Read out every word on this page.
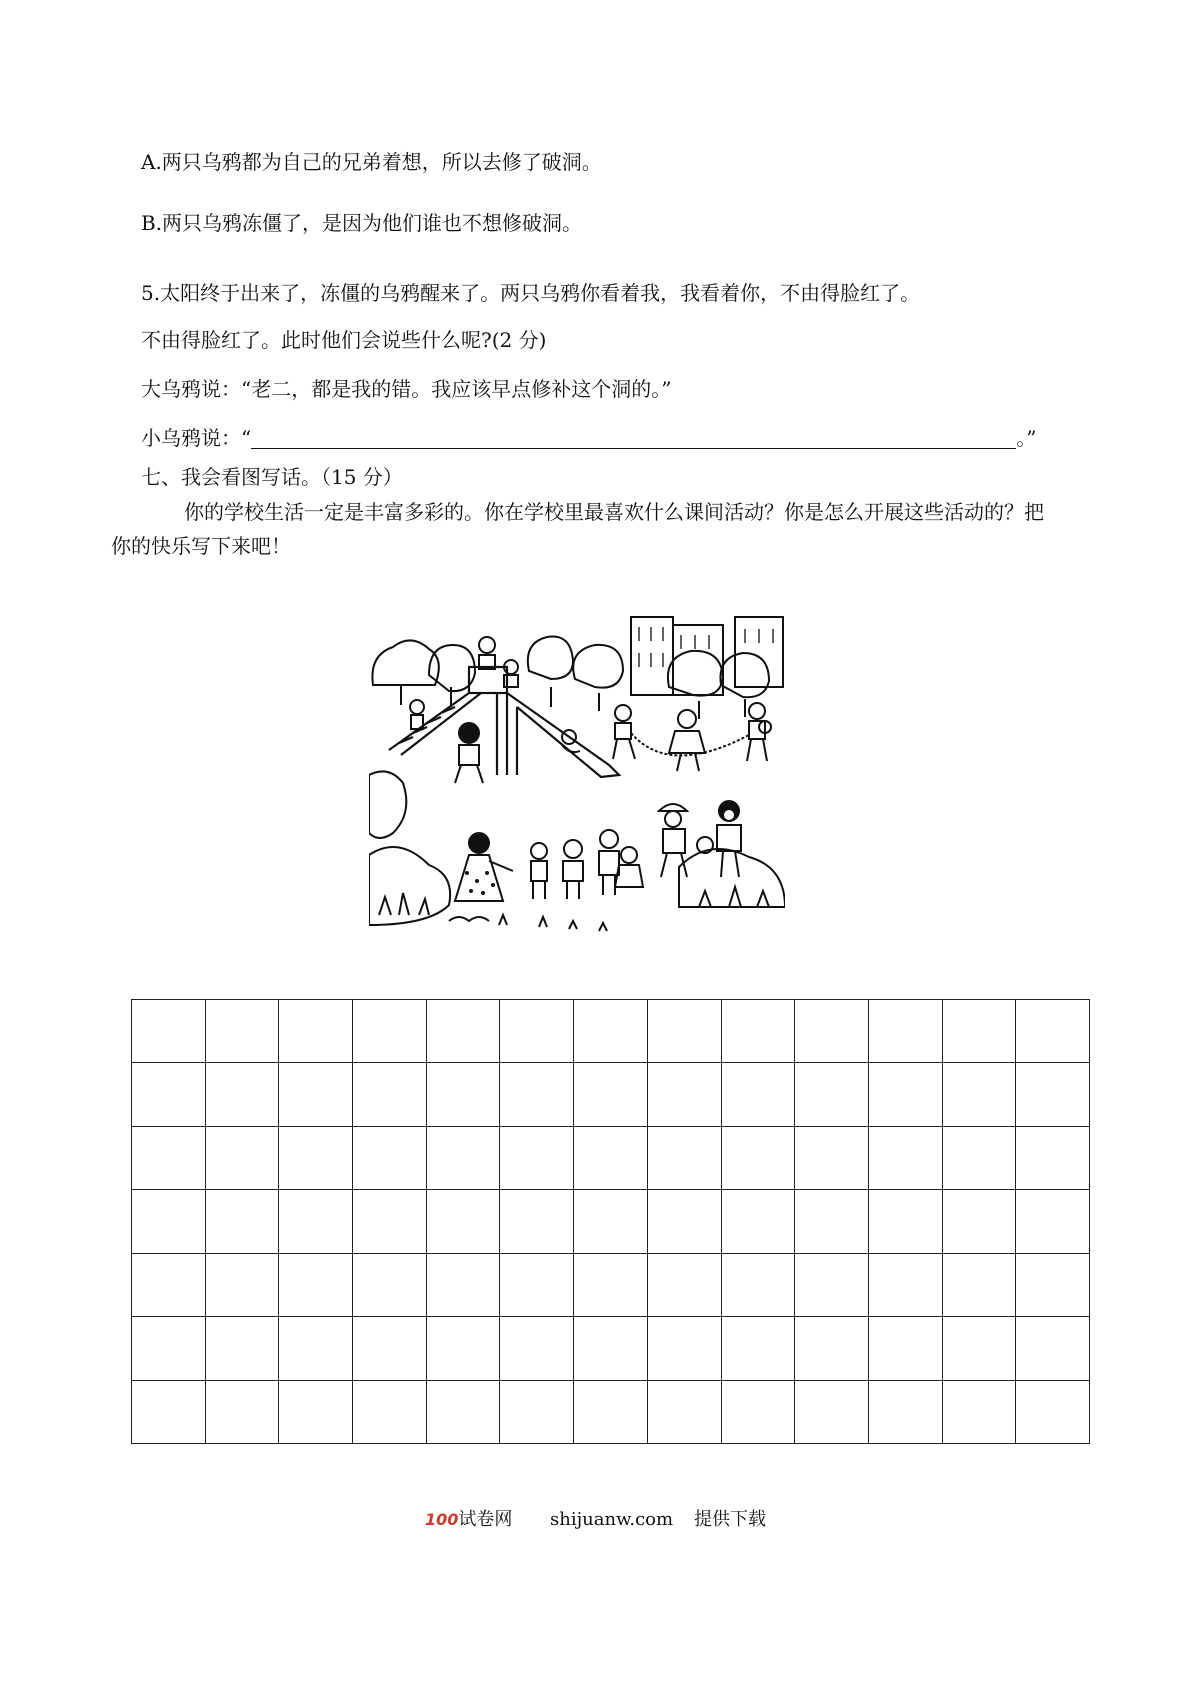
A.两只乌鸦都为自己的兄弟着想，所以去修了破洞。
B.两只乌鸦冻僵了，是因为他们谁也不想修破洞。
5.太阳终于出来了，冻僵的乌鸦醒来了。两只乌鸦你看着我，我看着你，不由得脸红了。
不由得脸红了。此时他们会说些什么呢?(2 分)
大乌鸦说：“老二，都是我的错。我应该早点修补这个洞的。”
小乌鸦说：“	。”
七、我会看图写话。（15 分）
你的学校生活一定是丰富多彩的。你在学校里最喜欢什么课间活动？你是怎么开展这些活动的？把你的快乐写下来吧！

100试卷网 shijuanw.com 提供下载
